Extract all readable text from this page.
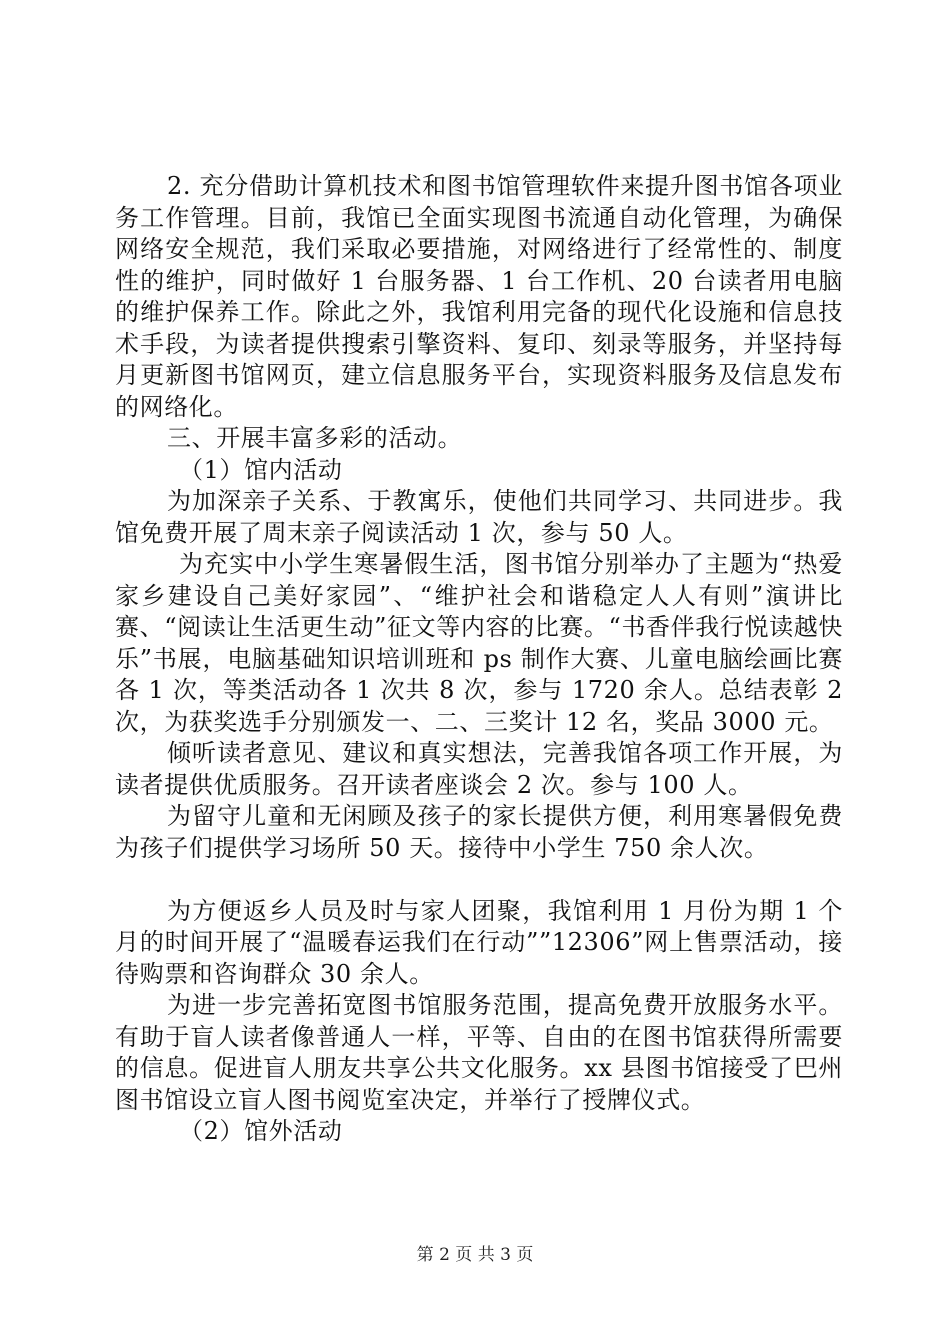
2. 充分借助计算机技术和图书馆管理软件来提升图书馆各项业务工作管理。目前，我馆已全面实现图书流通自动化管理，为确保网络安全规范，我们采取必要措施，对网络进行了经常性的、制度性的维护，同时做好 1 台服务器、1 台工作机、20 台读者用电脑的维护保养工作。除此之外，我馆利用完备的现代化设施和信息技术手段，为读者提供搜索引擎资料、复印、刻录等服务，并坚持每月更新图书馆网页，建立信息服务平台，实现资料服务及信息发布的网络化。

三、开展丰富多彩的活动。

（1）馆内活动

为加深亲子关系、于教寓乐，使他们共同学习、共同进步。我馆免费开展了周末亲子阅读活动 1 次，参与 50 人。

为充实中小学生寒暑假生活，图书馆分别举办了主题为“热爱家乡建设自己美好家园”、“维护社会和谐稳定人人有则”演讲比赛、“阅读让生活更生动”征文等内容的比赛。“书香伴我行悦读越快乐”书展，电脑基础知识培训班和 ps 制作大赛、儿童电脑绘画比赛各 1 次，等类活动各 1 次共 8 次，参与 1720 余人。总结表彰 2 次，为获奖选手分别颁发一、二、三奖计 12 名，奖品 3000 元。

倾听读者意见、建议和真实想法，完善我馆各项工作开展，为读者提供优质服务。召开读者座谈会 2 次。参与 100 人。

为留守儿童和无闲顾及孩子的家长提供方便，利用寒暑假免费为孩子们提供学习场所 50 天。接待中小学生 750 余人次。

为方便返乡人员及时与家人团聚，我馆利用 1 月份为期 1 个月的时间开展了“温暖春运我们在行动””12306”网上售票活动，接待购票和咨询群众 30 余人。

为进一步完善拓宽图书馆服务范围，提高免费开放服务水平。有助于盲人读者像普通人一样，平等、自由的在图书馆获得所需要的信息。促进盲人朋友共享公共文化服务。xx 县图书馆接受了巴州图书馆设立盲人图书阅览室决定，并举行了授牌仪式。

（2）馆外活动

第 2 页 共 3 页
